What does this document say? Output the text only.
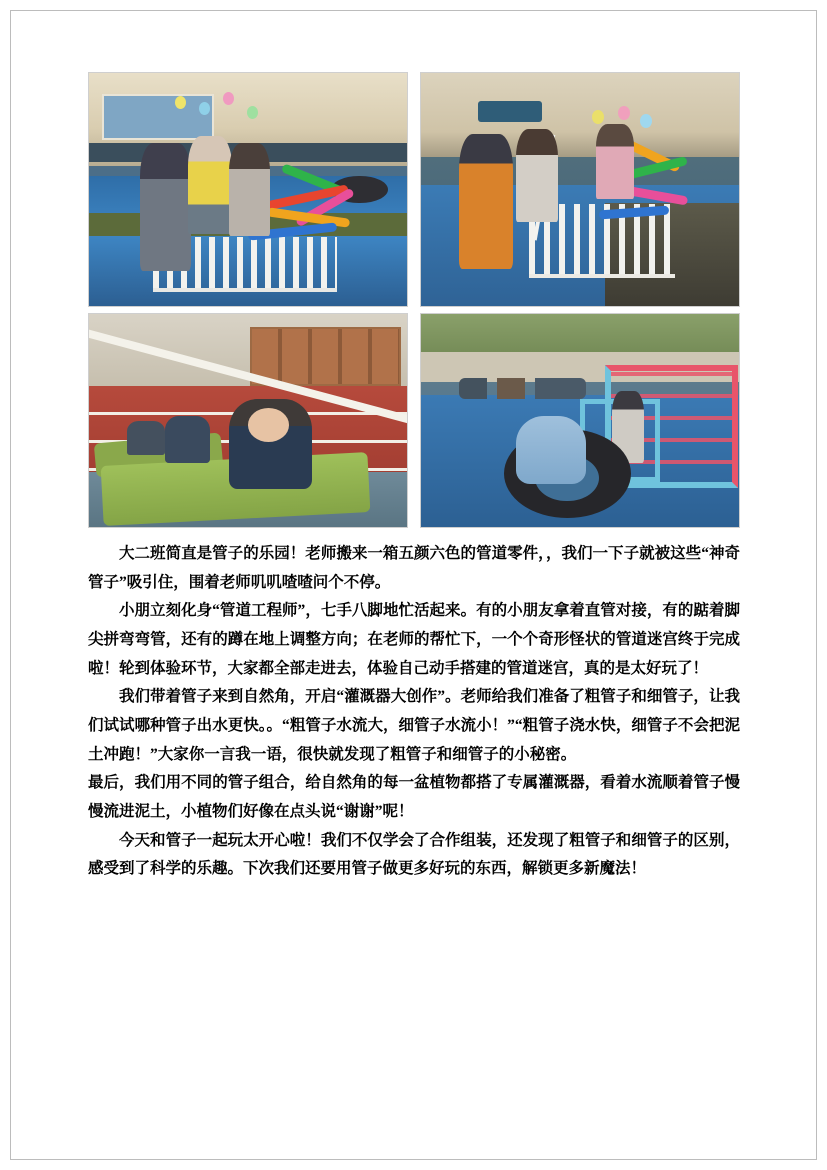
大二班简直是管子的乐园！老师搬来一箱五颜六色的管道零件，，我们一下子就被这些“神奇管子”吸引住，围着老师叽叽喳喳问个不停。

小朋立刻化身“管道工程师”，七手八脚地忙活起来。有的小朋友拿着直管对接，有的踮着脚尖拼弯弯管，还有的蹲在地上调整方向；在老师的帮忙下，一个个奇形怪状的管道迷宫终于完成啦！轮到体验环节，大家都全部走进去，体验自己动手搭建的管道迷宫，真的是太好玩了！

我们带着管子来到自然角，开启“灌溉器大创作”。老师给我们准备了粗管子和细管子，让我们试试哪种管子出水更快。。“粗管子水流大，细管子水流小！”“粗管子浇水快，细管子不会把泥土冲跑！”大家你一言我一语，很快就发现了粗管子和细管子的小秘密。

最后，我们用不同的管子组合，给自然角的每一盆植物都搭了专属灌溉器，看着水流顺着管子慢慢流进泥土，小植物们好像在点头说“谢谢”呢！

今天和管子一起玩太开心啦！我们不仅学会了合作组装，还发现了粗管子和细管子的区别，感受到了科学的乐趣。下次我们还要用管子做更多好玩的东西，解锁更多新魔法！
